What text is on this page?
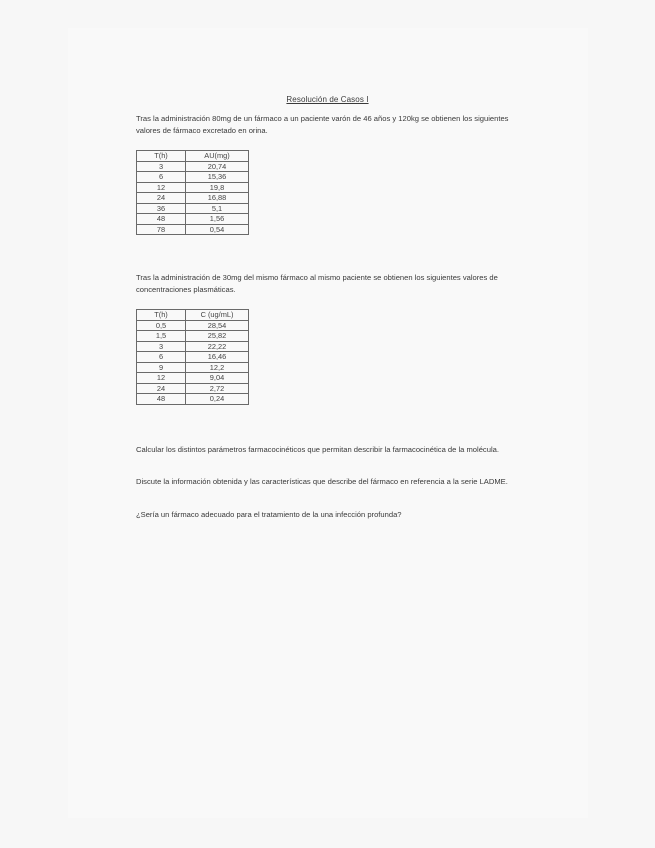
Resolución de Casos I

Tras la administración 80mg de un fármaco a un paciente varón de 46 años y 120kg se obtienen los siguientes valores de fármaco excretado en orina.

T(h)	AU(mg)
3	20,74
6	15,36
12	19,8
24	16,88
36	5,1
48	1,56
78	0,54

Tras la administración de 30mg del mismo fármaco al mismo paciente se obtienen los siguientes valores de concentraciones plasmáticas.

T(h)	C (ug/mL)
0,5	28,54
1,5	25,82
3	22,22
6	16,46
9	12,2
12	9,04
24	2,72
48	0,24

Calcular los distintos parámetros farmacocinéticos que permitan describir la farmacocinética de la molécula.

Discute la información obtenida y las características que describe del fármaco en referencia a la serie LADME.

¿Sería un fármaco adecuado para el tratamiento de la una infección profunda?
